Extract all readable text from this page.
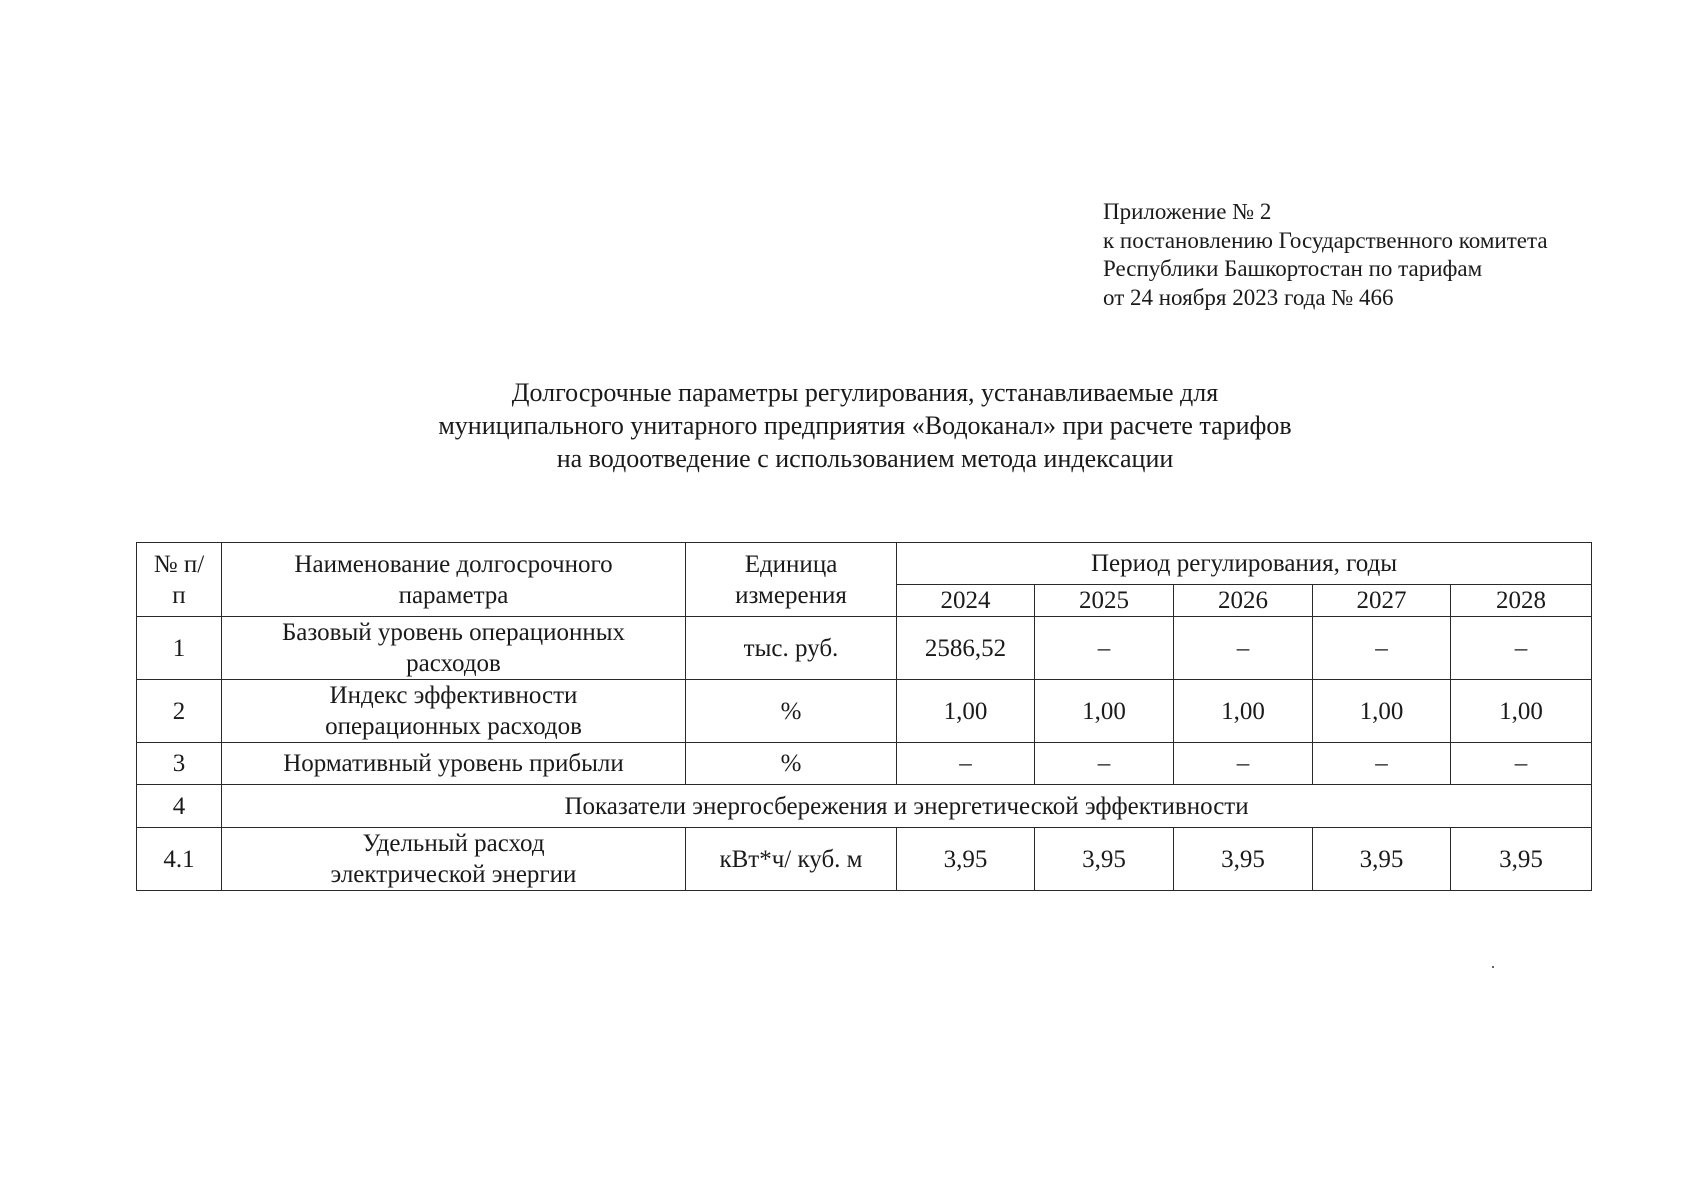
Приложение № 2
к постановлению Государственного комитета
Республики Башкортостан по тарифам
от 24 ноября 2023 года № 466
Долгосрочные параметры регулирования, устанавливаемые для
муниципального унитарного предприятия «Водоканал» при расчете тарифов
на водоотведение с использованием метода индексации
№ п/п	Наименование долгосрочного параметра	Единица измерения	Период регулирования, годы				
			2024	2025	2026	2027	2028
1	Базовый уровень операционных расходов	тыс. руб.	2586,52	–	–	–	–
2	Индекс эффективности операционных расходов	%	1,00	1,00	1,00	1,00	1,00
3	Нормативный уровень прибыли	%	–	–	–	–	–
4	Показатели энергосбережения и энергетической эффективности						
4.1	Удельный расход электрической энергии	кВт*ч/ куб. м	3,95	3,95	3,95	3,95	3,95
